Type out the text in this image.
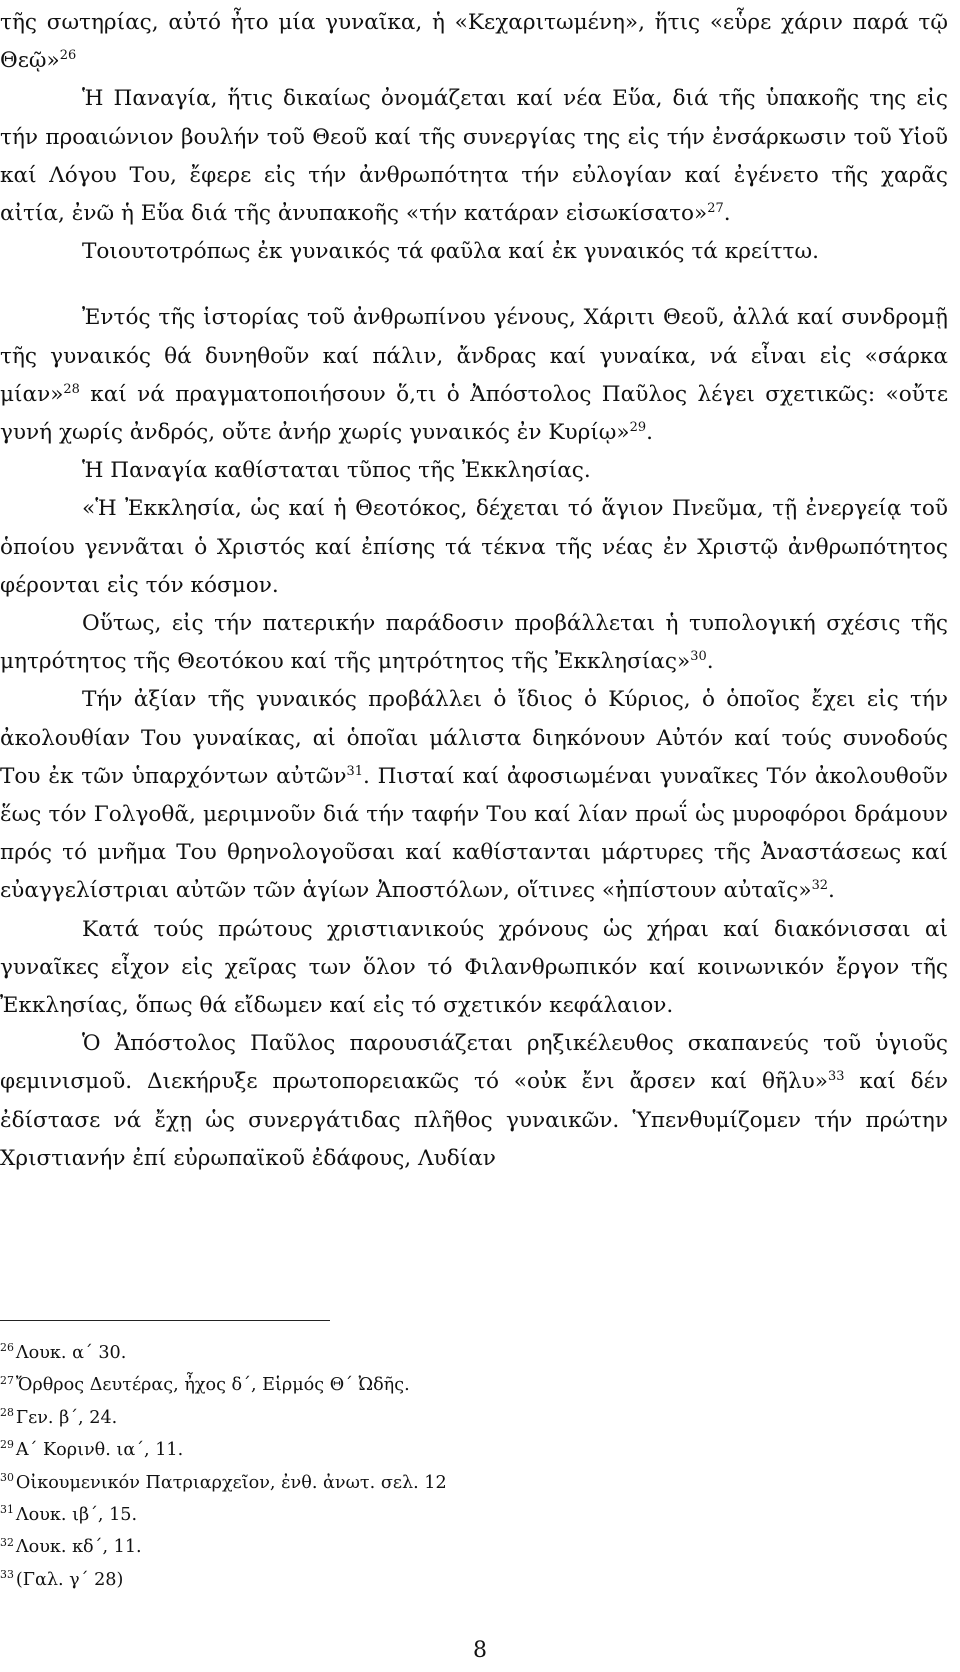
τῆς σωτηρίας, αὐτό ἦτο μία γυναῖκα, ἡ «Κεχαριτωμένη», ἥτις «εὗρε χάριν παρά τῷ Θεῷ»$^{26}$

Ἡ Παναγία, ἥτις δικαίως ὀνομάζεται καί νέα Εὕα, διά τῆς ὑπακοῆς της εἰς τήν προαιώνιον βουλήν τοῦ Θεοῦ καί τῆς συνεργίας της εἰς τήν ἐνσάρκωσιν τοῦ Υἱοῦ καί Λόγου Του, ἔφερε εἰς τήν ἀνθρωπότητα τήν εὐλογίαν καί ἐγένετο τῆς χαρᾶς αἰτία, ἐνῶ ἡ Εὕα διά τῆς ἀνυπακοῆς «τήν κατάραν εἰσωκίσατο»$^{27}$.

Τοιουτοτρόπως ἐκ γυναικός τά φαῦλα καί ἐκ γυναικός τά κρείττω.

Ἐντός τῆς ἱστορίας τοῦ ἀνθρωπίνου γένους, Χάριτι Θεοῦ, ἀλλά καί συνδρομῇ τῆς γυναικός θά δυνηθοῦν καί πάλιν, ἄνδρας καί γυναίκα, νά εἶναι εἰς «σάρκα μίαν»$^{28}$ καί νά πραγματοποιήσουν ὅ,τι ὁ Ἀπόστολος Παῦλος λέγει σχετικῶς: «οὔτε γυνή χωρίς ἀνδρός, οὔτε ἀνήρ χωρίς γυναικός ἐν Κυρίῳ»$^{29}$.

Ἡ Παναγία καθίσταται τῦπος τῆς Ἐκκλησίας.

«Ἡ Ἐκκλησία, ὡς καί ἡ Θεοτόκος, δέχεται τό ἅγιον Πνεῦμα, τῇ ἐνεργείᾳ τοῦ ὁποίου γεννᾶται ὁ Χριστός καί ἐπίσης τά τέκνα τῆς νέας ἐν Χριστῷ ἀνθρωπότητος φέρονται εἰς τόν κόσμον.

Οὕτως, εἰς τήν πατερικήν παράδοσιν προβάλλεται ἡ τυπολογική σχέσις τῆς μητρότητος τῆς Θεοτόκου καί τῆς μητρότητος τῆς Ἐκκλησίας»$^{30}$.

Τήν ἀξίαν τῆς γυναικός προβάλλει ὁ ἴδιος ὁ Κύριος, ὁ ὁποῖος ἔχει εἰς τήν ἀκολουθίαν Του γυναίκας, αἱ ὁποῖαι μάλιστα διηκόνουν Αὐτόν καί τούς συνοδούς Του ἐκ τῶν ὑπαρχόντων αὐτῶν$^{31}$. Πισταί καί ἀφοσιωμέναι γυναῖκες Τόν ἀκολουθοῦν ἕως τόν Γολγοθᾶ, μεριμνοῦν διά τήν ταφήν Του καί λίαν πρωΐ ὡς μυροφόροι δράμουν πρός τό μνῆμα Του θρηνολογοῦσαι καί καθίστανται μάρτυρες τῆς Ἀναστάσεως καί εὐαγγελίστριαι αὐτῶν τῶν ἁγίων Ἀποστόλων, οἵτινες «ἠπίστουν αὐταῖς»$^{32}$.

Κατά τούς πρώτους χριστιανικούς χρόνους ὡς χήραι καί διακόνισσαι αἱ γυναῖκες εἶχον εἰς χεῖρας των ὅλον τό Φιλανθρωπικόν καί κοινωνικόν ἔργον τῆς Ἐκκλησίας, ὅπως θά εἴδωμεν καί εἰς τό σχετικόν κεφάλαιον.

Ὁ Ἀπόστολος Παῦλος παρουσιάζεται ρηξικέλευθος σκαπανεύς τοῦ ὑγιοῦς φεμινισμοῦ. Διεκήρυξε πρωτοπορειακῶς τό «οὐκ ἔνι ἄρσεν καί θῆλυ»$^{33}$ καί δέν ἐδίστασε νά ἔχῃ ὡς συνεργάτιδας πλῆθος γυναικῶν. Ὑπενθυμίζομεν τήν πρώτην Χριστιανήν ἐπί εὐρωπαϊκοῦ ἐδάφους, Λυδίαν

$^{26}$ Λουκ. α΄ 30.

$^{27}$ Ὄρθρος Δευτέρας, ἦχος δ΄, Εἱρμός Θ΄ Ὠδῆς.

$^{28}$ Γεν. β΄, 24.

$^{29}$ Α΄ Κορινθ. ια΄, 11.

$^{30}$ Οἰκουμενικόν Πατριαρχεῖον, ἐνθ. ἀνωτ. σελ. 12

$^{31}$ Λουκ. ιβ΄, 15.

$^{32}$ Λουκ. κδ΄, 11.

$^{33}$ (Γαλ. γ΄ 28)

8
